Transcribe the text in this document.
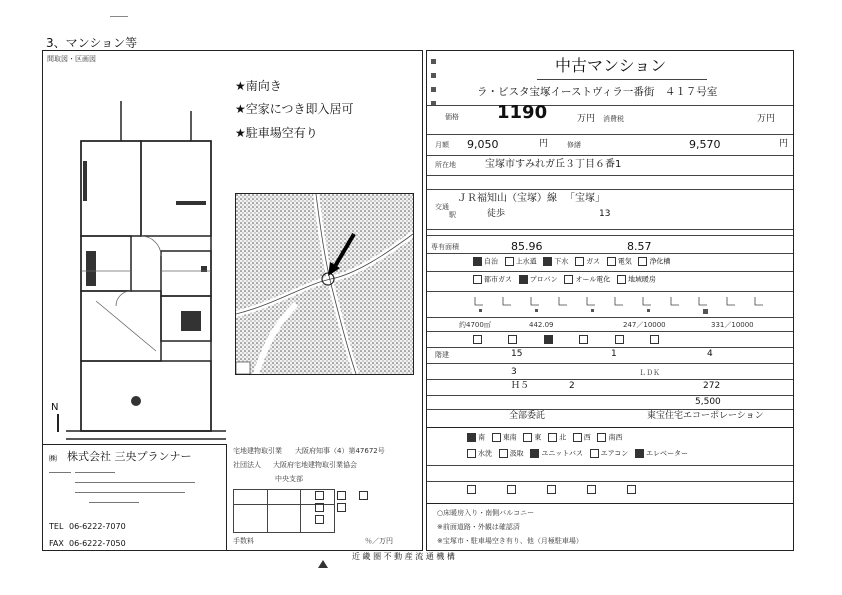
3、マンション等
間取図・区画図
N
★南向き
★空家につき即入居可
★駐車場空有り
㈱ 株式会社 三央プランナー
TEL 06-6222-7070
FAX 06-6222-7050
宅地建物取引業 大阪府知事（4）第47672号
社団法人 大阪府宅地建物取引業協会
中央支部
手数料	％／万円
中古マンション
ラ・ビスタ宝塚イーストヴィラ一番街　４１７号室
価格 1190	万円 消費税	万円
月額 9,050	円	修繕	9,570	円
所在地	宝塚市すみれガ丘３丁目６番1
交通
ＪＲ福知山（宝塚）線 「宝塚」
駅	徒歩	13
専有面積	85.96	8.57
自治	上水道	下水	ガス	電気	浄化槽
都市ガス	プロパン	オール電化	地域暖房
約4700㎡	442.09	247／10000	331／10000

階建	15	1	4
3	ＬＤＫ
Ｈ５	2	272
5,500
全部委託	東宝住宅エコーポレーション
南	東南	東	北	西	南西
水洗	汲取	ユニットバス	エアコン	エレベーター

○床暖房入り・南側バルコニー
※前面道路・外観は確認済
※宝塚市・駐車場空き有り、他（月極駐車場）
近 畿 圏 不 動 産 流 通 機 構
